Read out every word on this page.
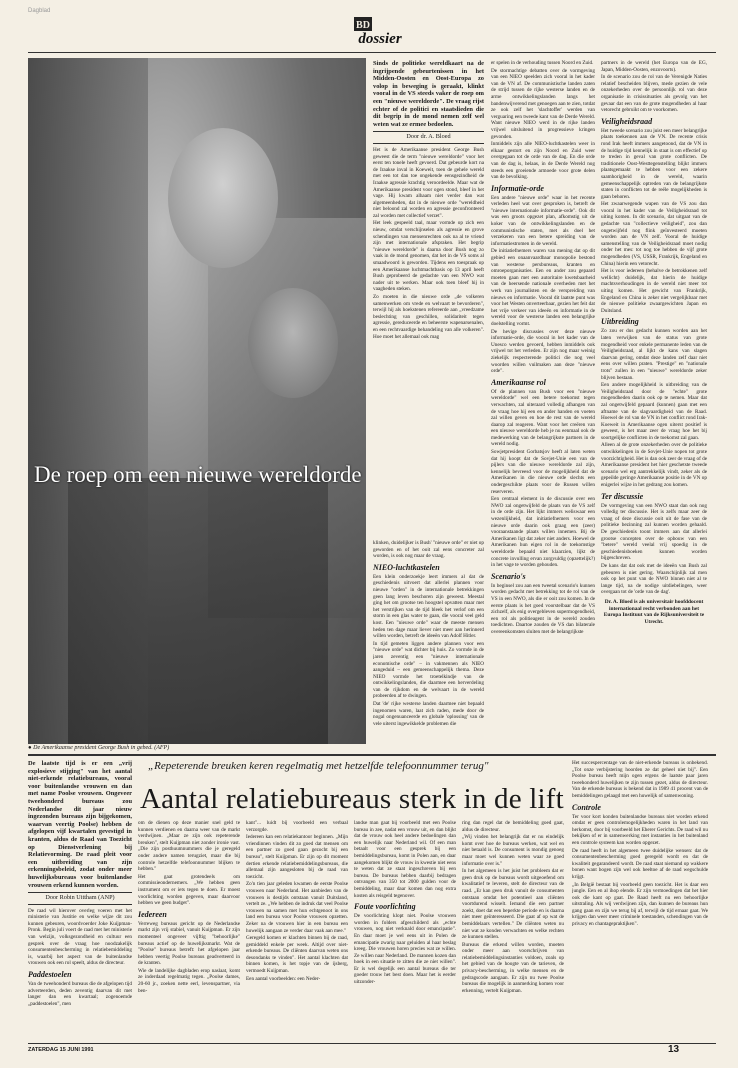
Dagblad
BD
dossier
De roep om een nieuwe wereldorde
● De Amerikaanse president George Bush in gebed. (AFP)

Sinds de politieke wereldkaart na de ingrijpende gebeurtenissen in het Midden-Oosten en Oost-Europa zo volop in beweging is geraakt, klinkt vooral in de VS steeds vaker de roep om een "nieuwe wereldorde". De vraag rijst echter of de politici en staatslieden die dit begrip in de mond nemen zelf wel weten wat ze ermee bedoelen.

Door dr. A. Bloed

Het is de Amerikaanse president George Bush geweest die de term "nieuwe wereldorde" voor het eerst ten tonele heeft gevoerd. Dat gebeurde kort na de Iraakse inval in Koeweit, toen de gehele wereld met een tot dan toe ongekende eensgezindheid de Iraakse agressie krachtig veroordeelde. Maar wat de Amerikaanse president voor ogen stond, bleef in het vage. Hij kwam alhaam niet verder dan wat algemeenheden, dat in de nieuwe orde "wereldheid niet beloond zal worden en agressie geconfronteerd zal worden met collectief verzet".

Het leek gespeeld taal, maar vormde op zich een nieuw, omdat verschijnselen als agressie en grove schendingen van mensenrechten ook na al te vriend zijn met internationale afspraken. Het begrip "nieuwe wereldorde" is daarna door Bush nog zo vaak in de mond genomen, dat het in de VS soms al smaadwoord is geworden. Tijdens een toespraak op een Amerikaanse luchtmachtbasis op 13 april heeft Bush geprobeerd de gedachte van een NWO wat nader uit te werken. Maar ook toen bleef hij in vaagheden steken.

Zo moeten in die nieuwe orde „de volkeren samenwerken om vrede en welvaart te bevorderen", terwijl hij als hoekstenen refereerde aan „vreedzame beslechting van geschillen, solidariteit tegen agressie, gereduceerde en beheerste wapenarsenalen, en een rechtvaardige behandeling van alle volkeren". Hoe moet het allemaal ook mag

klinken, duidelijker is Bush' "nieuwe orde" er niet op geworden en of het ooit zal eens concreter zal worden, is ook nog maar de vraag.

NIEO-luchtkastelen

Een klein onderzoekje leert immers al dat de geschiedenis uitvoert dat allerlei plannen voor nieuwe "orden" in de internationale betrekkingen geen lang leven beschoren zijn geweest. Meestal ging het om grootse ten hoogstel opvatten maar met het verstrijken van de tijd bleek het verlof om een storm in een glas water te gaan, die vooral veel geld kost. Een "nieuwe orde" waar de meeste mensen heden ten dage maar liever niet meer aan herinnerd willen worden, betreft de ideeën van Adolf Hitler.

In tijd gemeten liggen andere plannen voor een "nieuwe orde" wat dichter bij huis. Zo vormde in de jaren zeventig een "nieuwe internationale economische orde" – in vakmennen als NIEO aangeduid – een gemeenschappelijk thema. Deze NIEO vormde het troetelkindje van de ontwikkelingslanden, die daarmee een herverdeling van de rijkdom en de welvaart in de wereld probeerden af te dwingen.

Dat 'de' rijke westerse landen daarmee niet bepaald ingenomen waren, laat zich raden, mede door de nogal ongenuanceerde en globale 'oplossing' van de vele uiterst ingewikkelde problemen die

er spelen in de verhouding tussen Noord en Zuid.

De stormachtige debatten over de vormgeving van een NIEO speelden zich vooral in het kader van de VN af. De communistische landen zaten de strijd tussen de rijke westerse landen en de arme ontwikkelingslanden langs het bandenwijverend met genoegen aan te zien, totdat ze ook zelf het 'slachtoffer' werden van verguaring een tweede kant van de Derde Wereld. Want nieuwe NIEO werd in de rijke landen vrijwel uitsluitend in progressieve kringen gevonden.

Inmiddels zijn alle NIEO-luchtkastelen weer in elkaar gestort en zijn Noord en Zuid weer overgegaan tot de orde van de dag. En die orde van de dag is, helaas, in de Derde Wereld nog steeds een groeiende armoede voor grote delen van de bevolking.

Informatie-orde

Een andere "nieuwe orde" waar in het recente verleden heel wat over gesproken is, betreft de "nieuwe internationale informatie-orde". Ook dit was een groots opgezet plan, afkomstig uit de koker van de ontwikkelingslanden en de communistische staten, met als doel het verzekeren van een betere spreiding van de informatiestromen in de wereld.

De initiatiefnemers waren van mening dat op dit gebied een onaanvaardbaar monopolie bestond van westerse persbureaus, kranten en omroeporganisaties. Een en ander zou gepaard moeten gaan met een autoritaire kwetsbaarheid van de heersende nationale overheden met het werk van journalisten en de verspreiding van nieuws en informatie. Vooral dit laatste punt was voor het Westen onverteerbaar, gezien het feit dat het vrije verkeer van ideeën en informatie in de wereld voor de westerse landen een belangrijke doelstelling vormt.

De hevige discussies over deze nieuwe informatie-orde, die vooral in het kader van de Unesco werden gevoerd, hebben inmiddels ook vrijwel tot het verleden. Er zijn nog maar weinig ziekelijk respecterende politici die nog veel woorden willen vuilmaken aan deze "nieuwe orde".

Amerikaanse rol

Of de plannen van Bush voor een "nieuwe wereldorde" wel een betere toekomst tegen verwachten, zal uiteraard volledig afhangen van de vraag hoe hij een en ander handen en voeten zal willen geven en hoe de rest van de wereld daarop zal reageren. Want voor het creëren van een nieuwe wereldorde heb je nu eenmaal ook de medewerking van de belangrijkste partners in de wereld nodig.

Sowjetpresident Gorbatsjov heeft al laten weten dat hij koopt dat de Sovjet-Unie een van de pijlers van die nieuwe wereldorde zal zijn, kennelijk bevreesd voor de mogelijkheid dat de Amerikanen in die nieuwe orde slechts een ondergeschikte plaats voor de Russen willen reserveren.

Een centraal element in de discussie over een NWO zal ongetwijfeld de plaats van de VS zelf in de orde zijn. Het lijkt immers weliswaar een wezenlijkheid, dat initiatiefnemers voor een nieuwe orde daarin ook graag een (zeer) vooraanstaande plaats willen innemen. Bij de Amerikanen ligt dat zeker niet anders. Hoewel de Amerikanen hun eigen rol in de toekomstige wereldorde bepaald niet klaarzien, lijkt de concrete invulling ervan zorgvuldig (opzettelijk?) in het vage te worden gehouden.

Scenario's

In beginsel zou aan een tweetal scenario's kunnen worden gedacht met betrekking tot de rol van de VS in een NWO, als die er ooit zou komen. In de eerste plaats is het goed voorstelbaar dat de VS zichzelf, als enig overgebleven supermogendheid, een rol als politieagent in de wereld zouden toedichten. Daartoe zouden de VS dan bilaterale overeenkomsten sluiten met de belangrijkste

partners in de wereld (het Europa van de EG, Japan, Midden-Oosten, enzovoorts).

In de scenario zou de rol van de Verenigde Naties relatief bescheiden blijven, mede gezien de vele onzekerheden over de persoonlijk rol van deze organisatie in crisissituaties als gevolg van het gevaar dat een van de grote mogendheden al haar vetorecht gebruikt om te voorkomen.

Veiligheidsraad

Het tweede scenario zou juist een meer belangrijke plaats toekennen aan de VN. De recente crisis rond Irak heeft immers aangetoond, dat de VN in de huidige tijd kennelijk in staat is om effectief op te treden in geval van grote conflicten. De traditionele Oost-Westtegenstelling blijkt immers plaatsgemaakt te hebben voor een zekere saamhorigheid in de wereld, waarin gemeenschappelijk optreden van de belangrijkste staten in conflicten tot de reële mogelijkheden is gaan behoren.

Het zwaarwegende wapen van de VS zou dan vooral in het kader van de Veiligheidsraad tot uiting komen. In dit scenario, dat uitgaat van de gedachte van "collectieve veiligheid", zou dan ongetwijfeld nog flink geïnvesteerd moeten worden aan de VN zelf. Vooral de huidige samenstelling van de Veiligheidsraad moet nodig onder het mes: tot nog toe hebben de vijf grote mogendheden (VS, USSR, Frankrijk, Engeland en China) hierin een vetorecht.

Het is voor iedereen (behalve de betrokkenen zelf wellicht) duidelijk, dat hierin de huidige machtsverhoudingen in de wereld niet meer tot uiting komen. Het gewicht van Frankrijk, Engeland en China is zeker niet vergelijkbaar met de nieuwe politieke zwaargewichten Japan en Duitsland.

Uitbreiding

Zo zou er dus gedacht kunnen worden aan het laten verwijken van de status van grote mogendheid voor enkele permanente leden van de Veiligheidsraad, al lijkt de kans van slagen daarvan gering, omdat deze landen zelf daar niet eens over willen praten. "Prestige" en "nationale trots" zullen in een "nieuwe" wereldorde zeker blijven bestaan.

Een andere mogelijkheid is uitbreiding van de Veiligheidsraad door de "echte" grote mogendheden daarin ook op te nemen. Maar dat zal ongetwijfeld gepaard (kunnen) gaan met een aftname van de slagvaardigheid van de Raad. Hoewel de rol van de VN in het conflict rond Irak-Koeweit in Amerikaanse ogen uiterst positief is geweest, is het maar zeer de vraag hoe het bij soortgelijke conflicten in de toekomst zal gaan.

Alleen al de grote onzekerheden over de politieke ontwikkelingen in de Sovjet-Unie nopen tot grote voorzichtigheid. Het is dan ook zeer de vraag of de Amerikaanse president het hier geschetste tweede scenario wel erg aantrekkelijk vindt, zeker als de gepeilde geringe Amerikaanse positie in de VN op enigerlei wijze in het gedrang zou komen.

Ter discussie

De vormgeving van een NWO staat dan ook nog volledig ter discussie. Het is zelfs maar zeer de vraag of deze discussie ooit uit de fase van de politieke bezinning zal kunnen worden gehaald. De geschiedenis toont immers aan dat allerlei grootse concepten over de opbouw van een "betere" wereld veelal vrij spoedig in de geschiedenisboeken kunnen worden bijgeschreven.

De kans dat dat ook met de ideeën van Bush zal gebeuren is niet gering. Waarschijnlijk zal men ook op het punt van de NWO binnen niet al te lange tijd, na de nodige uitdiebelingen, weer overgaan tot de 'orde van de dag'.

Dr. A. Bloed is als universitair hoofddocent internationaal recht verbonden aan het Europa Instituut van de Rijksuniversiteit te Utrecht.
„Repeterende breuken keren regelmatig met hetzelfde telefoonnummer terug"
Aantal relatiebureaus sterk in de lift

De laatste tijd is er een „vrij explosieve stijging" van het aantal niet-erkende relatiebureaus, vooral voor buitenlandse vrouwen en dan met name Poolse vrouwen. Ongeveer tweehonderd bureaus zou Nederlandse dit jaar nieuw ingezonden bureaus zijn bijgekomen, waarvan veertig Poolse) hebben de afgelopen vijf kwartalen gevestigd in kranten, aldus de Raad van Toezicht op Dienstverlening bij Relatievorming. De raad pleit voor een uitbreiding van zijn erkenningsbeleid, zodat onder meer huwelijksbureaus voor buitenlandse vrouwen erkend kunnen worden.

Door Robin Uittham (ANP)

De raad wil hierover overleg voeren met het ministerie van Justitie en welke wijze dit zou kunnen gebeuren, woordvoerder Joke Kuijpman-Pronk. Begin juli voert de raad met het ministerie van welzijn, volksgezondheid en cultuur een gesprek over de vraag hoe noodzakelijk consumentenbescherming in relatiebemiddeling is, waarbij het aspect van de buitenlandse vrouwen ook een rol speelt, aldus de directeur.

Paddestoelen

Van de tweehonderd bureaus die de afgelopen tijd adverteerden, deden zeventig daarvan dit met langer dan een kwartaal; zogenoemde „paddestoelen", men

om de dienen op deze manier snel geld te kunnen verdienen en daarna weer van de markt verdwijnen. „Maar ze zijn ook repeterende breuken", stelt Kuijpman niet zonder ironie vast. „Die zijn posthuumnummers die je geregeld onder andere namen terugziet, maar die bij controle hetzelfde telefoonnummer blijken te hebben."

Het gaat grotendeels om commissieondernemers. „We hebben geen instrument om er iets tegen te doen. Er moest voorlichting worden gegeven, maar daarvoor hebben we geen budget".

Iedereen

Verreweg bureaus gericht op de Nederlandse markt zijn vrij stabiel, vanuit Kuijpman. Er zijn momenteel ongeveer vijftig "behoorlijke" bureaus actief op de huwelijksmarkt. Wat de "Poolse" bureaus betreft: het afgelopen jaar hebben veertig Poolse bureaus geadverteerd in de kranten.

Wie de landelijke dagbladen erop naslaat, komt ze inderdaad regelmatig tegen. „Poolse dames, 20-60 jr., zoeken nette eerl, levenspartner, via ben-

kant"... luidt bij voorbeeld een verbaal verzorgde.

Iedereen kan een relatiekantoor beginnen. „Mijn vriendinnen vinden dit zo goed dat mensen om een partner zo goed gaan gezocht bij een bureau", stelt Kuijpman. Er zijn op dit moment dertien erkende relatiebemiddelingsbureaus, die allemaal zijn aangesloten bij de raad van toezicht.

Zo'n tien jaar geleden kwamen de eerste Poolse vrouwen naar Nederland. Het aanbieden van de vrouwen is destijds ontstaan vanuit Duitsland, vertelt ze. „We hebben de indruk dat veel Poolse vrouwen na samen met hun echtgenoot in ons land een bureau voor Poolse vrouwen opzetten. Zeker na de vrouwen hier in een bureau een huwelijk aangaan ze verder daar vaak aan mee."

Geregeld komen er klachten binnen bij de raad, gemiddeld enkele per week. Altijd over niet-erkende bureaus. De cliënten daarvan weten ons desondanks te vinden". Het aantal klachten dat binnen komen, is het topje van de ijsberg, vermoedt Kuijpman.

Een aantal voorbeelden: een Neder-

landse man gaat bij voorbeeld met een Poolse bureau in zee, nadat een vrouw uit, en dan blijkt dat de vrouw ook heel andere bedoelingen dan een huwelijk naar Nederland wil. Of een man betaalt voor een gesprek bij een bemiddelingsbureau, komt in Polen aan, en daar aangekomen blijkt de vrouw in kwestie niet eens te weten dat ze staat ingeschreven bij een bureau. De bureaus hebben daarbij bedragen ontvangen van 350 tot 2000 gulden voor de bemiddeling, maar daar komen dan nog extra kosten als reisgeld tegenover.

Foute voorlichting

De voorlichting klopt niet. Poolse vrouwen worden in folders afgeschilderd als „echte vrouwen, nog niet verknald door emancipatie". En daar moet je wel eens uit in Polen de emancipatie zwarig naar geluiden al haar beslag kreeg. Die vrouwen horen precies wat ze willen. Ze willen naar Nederland. De mannen kozen dan hoek in een situatie te zitten die ze niet willen". Er is wel degelijk een aantal bureaus die ter goeder trouw het best doen. Maar het is eerder uitzonder-

ring dan regel dat de bemiddeling goed gaat, aldus de directeur.

„Wij vinden het belangrijk dat er nu eindelijk komt over hoe de bureaus werken, wat wel en niet betaald is. De consument is mondig genoeg maar moet wel kunnen weten waar ze goed informatie over is."

In het algemeen is het juist het probleem dat er geen druk op de bureaus wordt uitgeoefend om kwalitatief te leveren, stelt de directeur van de raad. „Er kan geen druk vanuit de consumenten ontstaan omdat het potentieel aan cliënten voortdurend wisselt. Iemand die een partner zoekt, doet dat een beperkte periode en is daarna niet meer geïnteresseerd. Die gaat af op wat de bemiddelaars vertellen." De cliënten weten nu niet wat ze konden verwachten en welke rechten ze kunnen stellen.

Bureaus die erkend willen worden, moeten onder meer aan voorschrijven van relatiebemiddelingsinstanties voldoen, zoals op het gebied van de hoogte van de tarieven, de privacy-bescherming, in welke mensen en de gedragscode aangaan. Er zijn nu twee Poolse bureaus die mogelijk in aanmerking komen voor erkenning, vertelt Kuijpman.

Het succespercentage van de niet-erkende bureaus is onbekend. „Tot onze verbijstering hoorden ze dat geheel niet bij". Een Poolse bureau heeft mijn ogen ergens de laatste paar jaren tweehonderd huwelijken te zijn tussen gezet, aldus de directeur. Van de erkende bureaus is bekend dat in 1989 41 procent van de bemiddelingen gelaagd met een huwelijk of samenwoning.

Controle

Ter voor kort konden buitenlandse bureaus niet worden erkend omdat er geen controlemogelijkheden waren in het land van herkomst, door bij voorbeeld het Eherer Gerichts. De raad wil nu bekijken of er in samenwerking met instanties in het buitenland een controle systeem kan worden opgezet.

De raad heeft in het algemeen twee duidelijke wensen: dat de consumentenbescherming goed geregeld wordt en dat de kwaliteit gegarandeerd wordt. De raad staat niemand op wakkere bonen want bogen zijn wel ook heeltoe af de raad wegschulde krijgt.

„In België bestaat bij voorbeeld geen toezicht. Het is daar een jungle. Een en al ihop elende. Er zijn vermoedingen dat het hier ook die kant op gaat. De Raad heeft nu een behoorlijke uitstraling. Als wij verdwijnen zijn, dan kunnen de bureaus hun gang gaan en zijn we terug bij af, terwijl de tijd ernaar gaat. We krijgen dan weer meer criminele toestanden, schendingen van de privacy en chantagepraktijken".

ZATERDAG 15 JUNI 1991	13
